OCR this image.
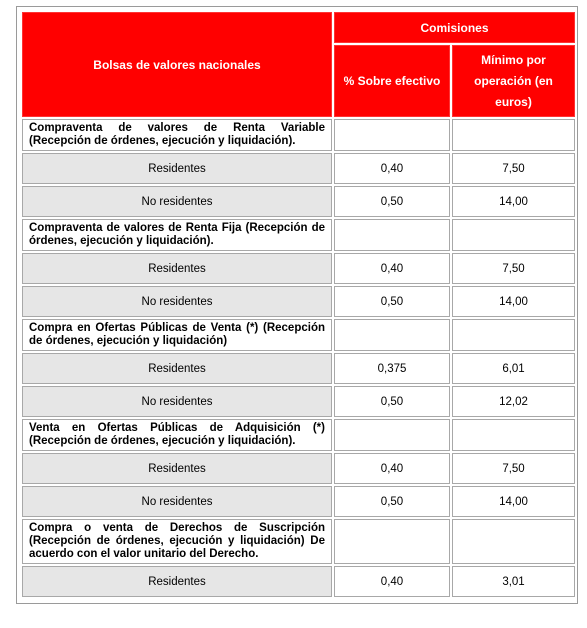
Bolsas de valores nacionales	Comisiones	
	% Sobre efectivo	Mínimo por operación (en euros)
Compraventa de valores de Renta Variable (Recepción de órdenes, ejecución y liquidación).		
Residentes	0,40	7,50
No residentes	0,50	14,00
Compraventa de valores de Renta Fija (Recepción de órdenes, ejecución y liquidación).		
Residentes	0,40	7,50
No residentes	0,50	14,00
Compra en Ofertas Públicas de Venta (*) (Recepción de órdenes, ejecución y liquidación)		
Residentes	0,375	6,01
No residentes	0,50	12,02
Venta en Ofertas Públicas de Adquisición (*) (Recepción de órdenes, ejecución y liquidación).		
Residentes	0,40	7,50
No residentes	0,50	14,00
Compra o venta de Derechos de Suscripción (Recepción de órdenes, ejecución y liquidación) De acuerdo con el valor unitario del Derecho.		
Residentes	0,40	3,01
